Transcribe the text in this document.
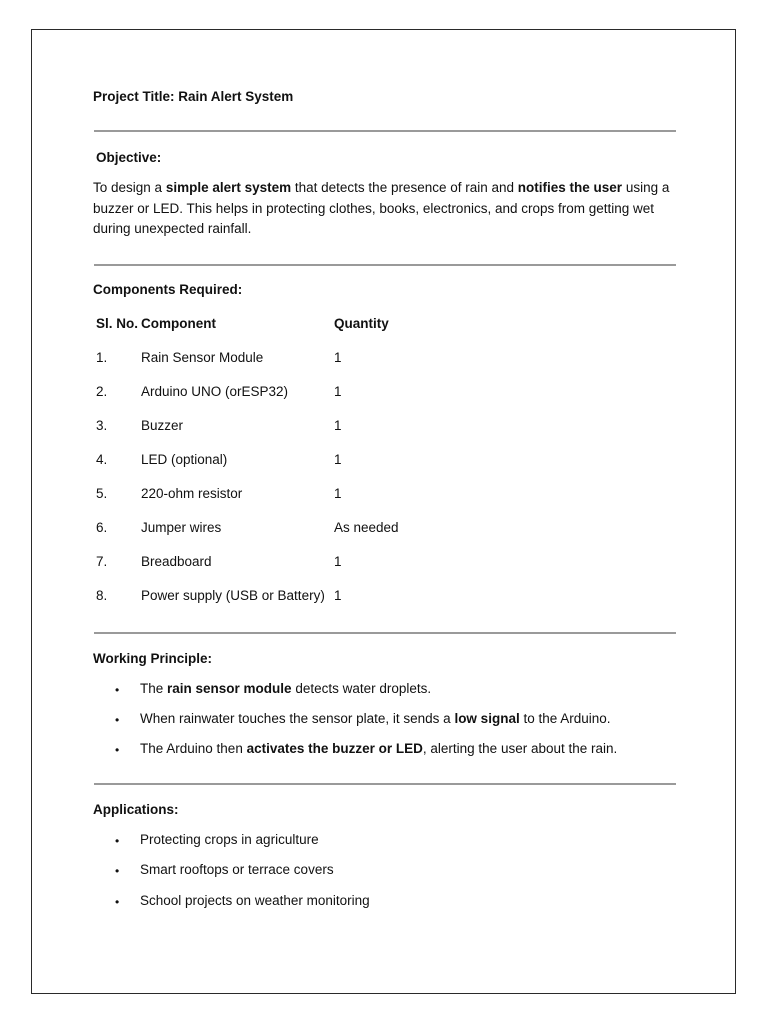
Project Title: Rain Alert System
Objective:
To design a simple alert system that detects the presence of rain and notifies the user using a buzzer or LED. This helps in protecting clothes, books, electronics, and crops from getting wet during unexpected rainfall.
Components Required:
Sl. No. Component	Quantity
1. Rain Sensor Module	1
2. Arduino UNO (orESP32)	1
3. Buzzer	1
4. LED (optional)	1
5. 220-ohm resistor	1
6. Jumper wires	As needed
7. Breadboard	1
8. Power supply (USB or Battery) 1
Working Principle:
• The rain sensor module detects water droplets.
• When rainwater touches the sensor plate, it sends a low signal to the Arduino.
• The Arduino then activates the buzzer or LED, alerting the user about the rain.
Applications:
• Protecting crops in agriculture
• Smart rooftops or terrace covers
• School projects on weather monitoring
